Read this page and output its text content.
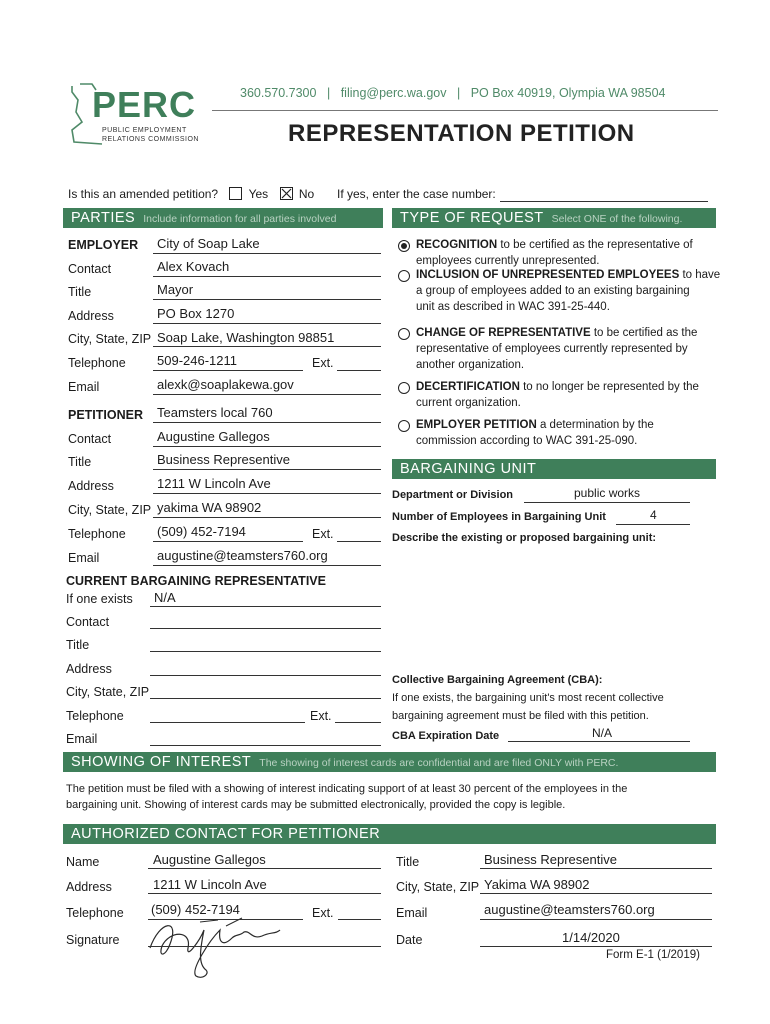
PERC
PUBLIC EMPLOYMENT
RELATIONS COMMISSION
360.570.7300 | filing@perc.wa.gov | PO Box 40919, Olympia WA 98504
REPRESENTATION PETITION
Is this an amended petition?	Yes	No If yes, enter the case number:
PARTIES Include information for all parties involved	TYPE OF REQUEST Select ONE of the following.
EMPLOYER City of Soap Lake
Contact	Alex Kovach
Title	Mayor
Address	PO Box 1270
City, State, ZIP Soap Lake, Washington 98851
Telephone 509-246-1211	Ext.
Email	alexk@soaplakewa.gov
PETITIONER Teamsters local 760
Contact	Augustine Gallegos
Title	Business Representive
Address	1211 W Lincoln Ave
City, State, ZIP yakima WA 98902
Telephone (509) 452-7194	Ext.
Email	augustine@teamsters760.org
CURRENT BARGAINING REPRESENTATIVE
If one exists N/A
Contact
Title
Address
City, State, ZIP
Telephone	Ext.
Email
RECOGNITION to be certified as the representative of
employees currently unrepresented.
INCLUSION OF UNREPRESENTED EMPLOYEES to have
a group of employees added to an existing bargaining
unit as described in WAC 391-25-440.
CHANGE OF REPRESENTATIVE to be certified as the
representative of employees currently represented by
another organization.
DECERTIFICATION to no longer be represented by the
current organization.
EMPLOYER PETITION a determination by the
commission according to WAC 391-25-090.
BARGAINING UNIT
Department or Division	public works
Number of Employees in Bargaining Unit	4
Describe the existing or proposed bargaining unit:
Collective Bargaining Agreement (CBA):
If one exists, the bargaining unit's most recent collective
bargaining agreement must be filed with this petition.
CBA Expiration Date	N/A
SHOWING OF INTEREST The showing of interest cards are confidential and are filed ONLY with PERC.
The petition must be filed with a showing of interest indicating support of at least 30 percent of the employees in the
bargaining unit. Showing of interest cards may be submitted electronically, provided the copy is legible.
AUTHORIZED CONTACT FOR PETITIONER
Name	Augustine Gallegos	Title	Business Representive
Address	1211 W Lincoln Ave	City, State, ZIP Yakima WA 98902
Telephone (509) 452-7194	Ext.	Email	augustine@teamsters760.org
Signature	Date	1/14/2020
Form E-1 (1/2019)
